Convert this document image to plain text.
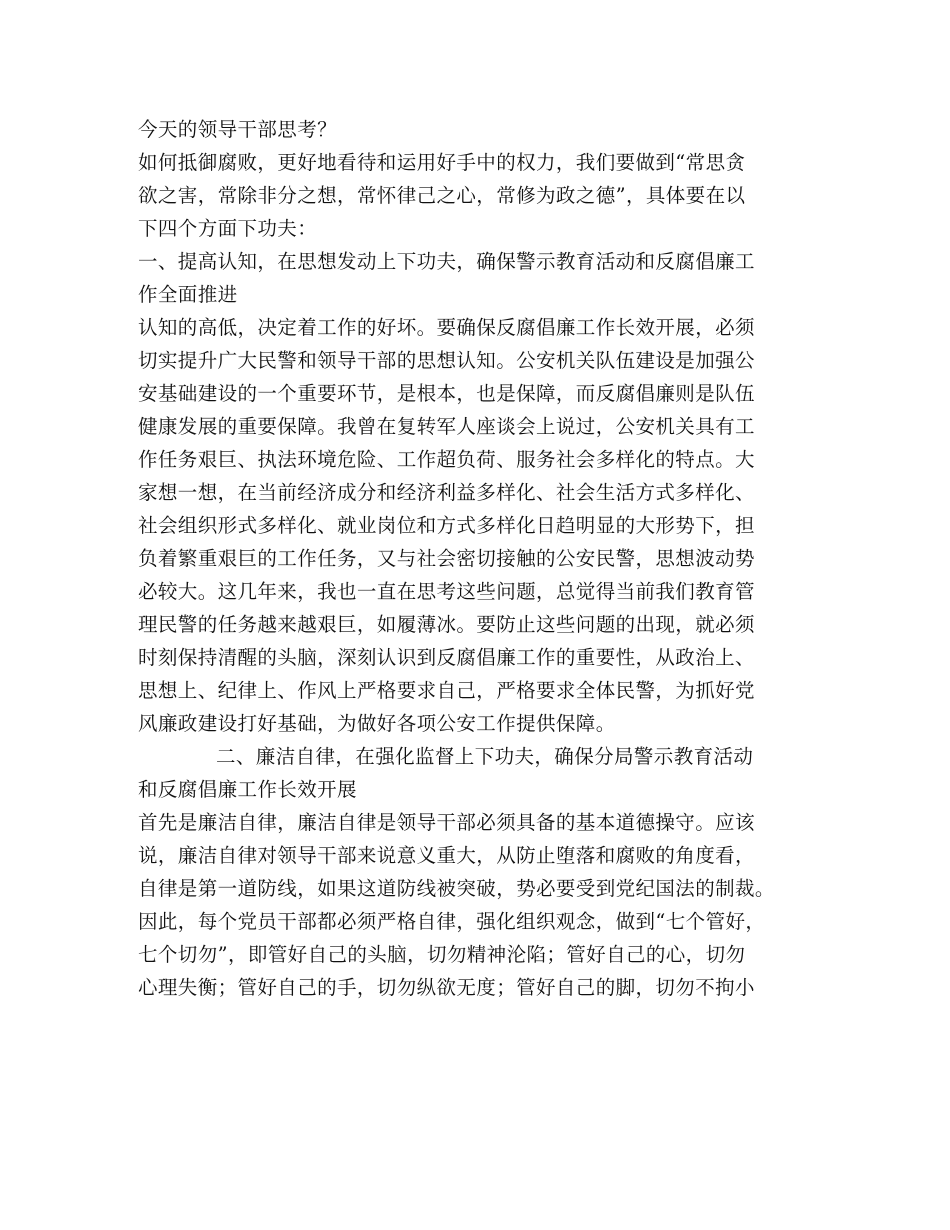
今天的领导干部思考？
如何抵御腐败，更好地看待和运用好手中的权力，我们要做到“常思贪
欲之害，常除非分之想，常怀律己之心，常修为政之德”，具体要在以
下四个方面下功夫：
一、提高认知，在思想发动上下功夫，确保警示教育活动和反腐倡廉工
作全面推进
认知的高低，决定着工作的好坏。要确保反腐倡廉工作长效开展，必须
切实提升广大民警和领导干部的思想认知。公安机关队伍建设是加强公
安基础建设的一个重要环节，是根本，也是保障，而反腐倡廉则是队伍
健康发展的重要保障。我曾在复转军人座谈会上说过，公安机关具有工
作任务艰巨、执法环境危险、工作超负荷、服务社会多样化的特点。大
家想一想，在当前经济成分和经济利益多样化、社会生活方式多样化、
社会组织形式多样化、就业岗位和方式多样化日趋明显的大形势下，担
负着繁重艰巨的工作任务，又与社会密切接触的公安民警，思想波动势
必较大。这几年来，我也一直在思考这些问题，总觉得当前我们教育管
理民警的任务越来越艰巨，如履薄冰。要防止这些问题的出现，就必须
时刻保持清醒的头脑，深刻认识到反腐倡廉工作的重要性，从政治上、
思想上、纪律上、作风上严格要求自己，严格要求全体民警，为抓好党
风廉政建设打好基础，为做好各项公安工作提供保障。
二、廉洁自律，在强化监督上下功夫，确保分局警示教育活动
和反腐倡廉工作长效开展
首先是廉洁自律，廉洁自律是领导干部必须具备的基本道德操守。应该
说，廉洁自律对领导干部来说意义重大，从防止堕落和腐败的角度看，
自律是第一道防线，如果这道防线被突破，势必要受到党纪国法的制裁。
因此，每个党员干部都必须严格自律，强化组织观念，做到“七个管好，
七个切勿”，即管好自己的头脑，切勿精神沦陷；管好自己的心，切勿
心理失衡；管好自己的手，切勿纵欲无度；管好自己的脚，切勿不拘小
